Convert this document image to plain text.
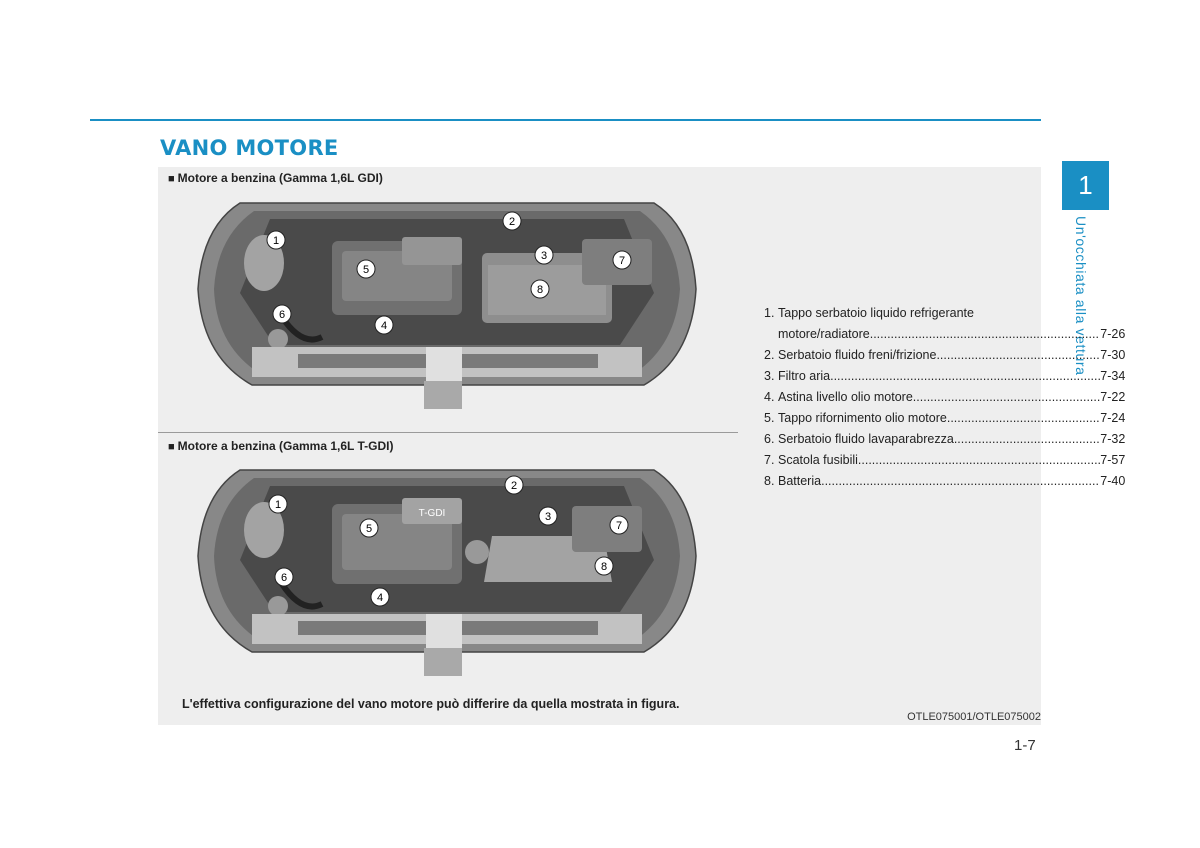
VANO MOTORE
1
Un'occhiata alla vettura
■ Motore a benzina (Gamma 1,6L GDI)
1
2
3
4
5
6
7
8
■ Motore a benzina (Gamma 1,6L T-GDI)
T-GDI
1
2
3
4
5
6
7
8
1. Tappo serbatoio liquido refrigerante
motore/radiatore .....	7-26
2. Serbatoio fluido freni/frizione .....	7-30
3. Filtro aria .....	7-34
4. Astina livello olio motore .....	7-22
5. Tappo rifornimento olio motore .....	7-24
6. Serbatoio fluido lavaparabrezza .....	7-32
7. Scatola fusibili .....	7-57
8. Batteria .....	7-40
L'effettiva configurazione del vano motore può differire da quella mostrata in figura.
OTLE075001/OTLE075002
1-7
